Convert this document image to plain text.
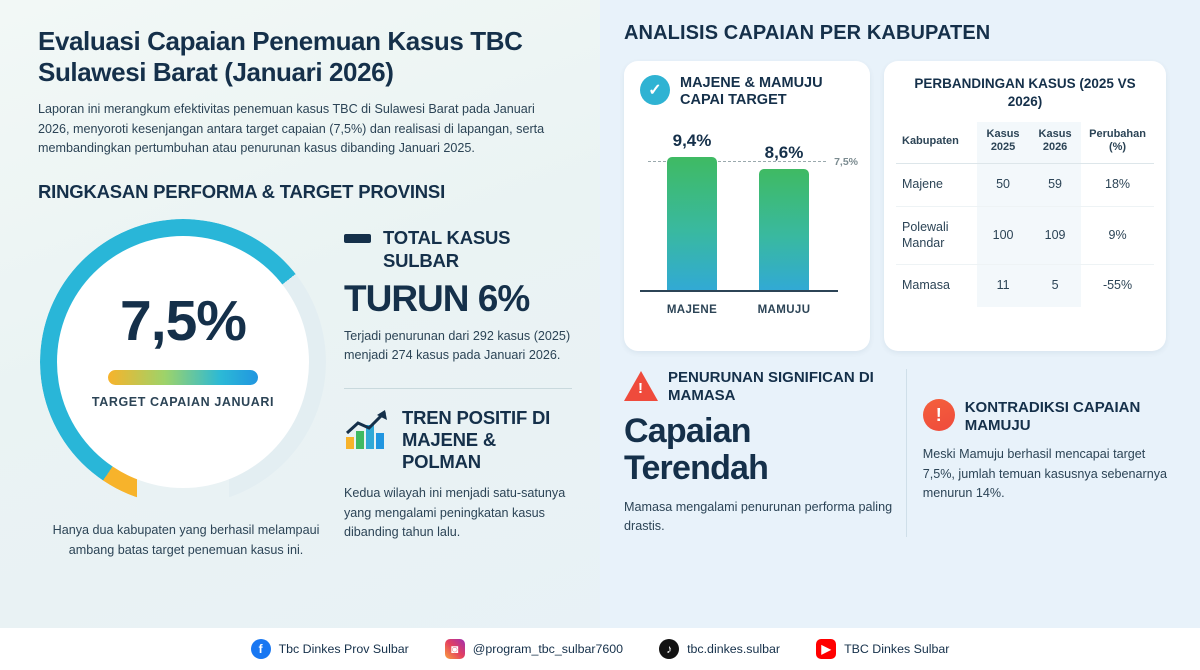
Evaluasi Capaian Penemuan Kasus TBC Sulawesi Barat (Januari 2026)
Laporan ini merangkum efektivitas penemuan kasus TBC di Sulawesi Barat pada Januari 2026, menyoroti kesenjangan antara target capaian (7,5%) dan realisasi di lapangan, serta membandingkan pertumbuhan atau penurunan kasus dibanding Januari 2025.
RINGKASAN PERFORMA & TARGET PROVINSI
7,5%
TARGET CAPAIAN JANUARI
Hanya dua kabupaten yang berhasil melampaui ambang batas target penemuan kasus ini.
TOTAL KASUS SULBAR
TURUN 6%
Terjadi penurunan dari 292 kasus (2025) menjadi 274 kasus pada Januari 2026.
TREN POSITIF DI MAJENE & POLMAN
Kedua wilayah ini menjadi satu-satunya yang mengalami peningkatan kasus dibanding tahun lalu.
ANALISIS CAPAIAN PER KABUPATEN
✓	MAJENE & MAMUJU CAPAI TARGET
7,5%
9,4%
8,6%
MAJENE	MAMUJU
PERBANDINGAN KASUS (2025 VS 2026)
Kabupaten	Kasus 2025	Kasus 2026	Perubahan (%)
Majene	50	59	18%
Polewali Mandar	100	109	9%
Mamasa	11	5	-55%
!
PENURUNAN SIGNIFICAN DI MAMASA
Capaian Terendah
Mamasa mengalami penurunan performa paling drastis.
!	KONTRADIKSI CAPAIAN MAMUJU
Meski Mamuju berhasil mencapai target 7,5%, jumlah temuan kasusnya sebenarnya menurun 14%.
f	Tbc Dinkes Prov Sulbar	◙	@program_tbc_sulbar7600	♪	tbc.dinkes.sulbar	▶	TBC Dinkes Sulbar
